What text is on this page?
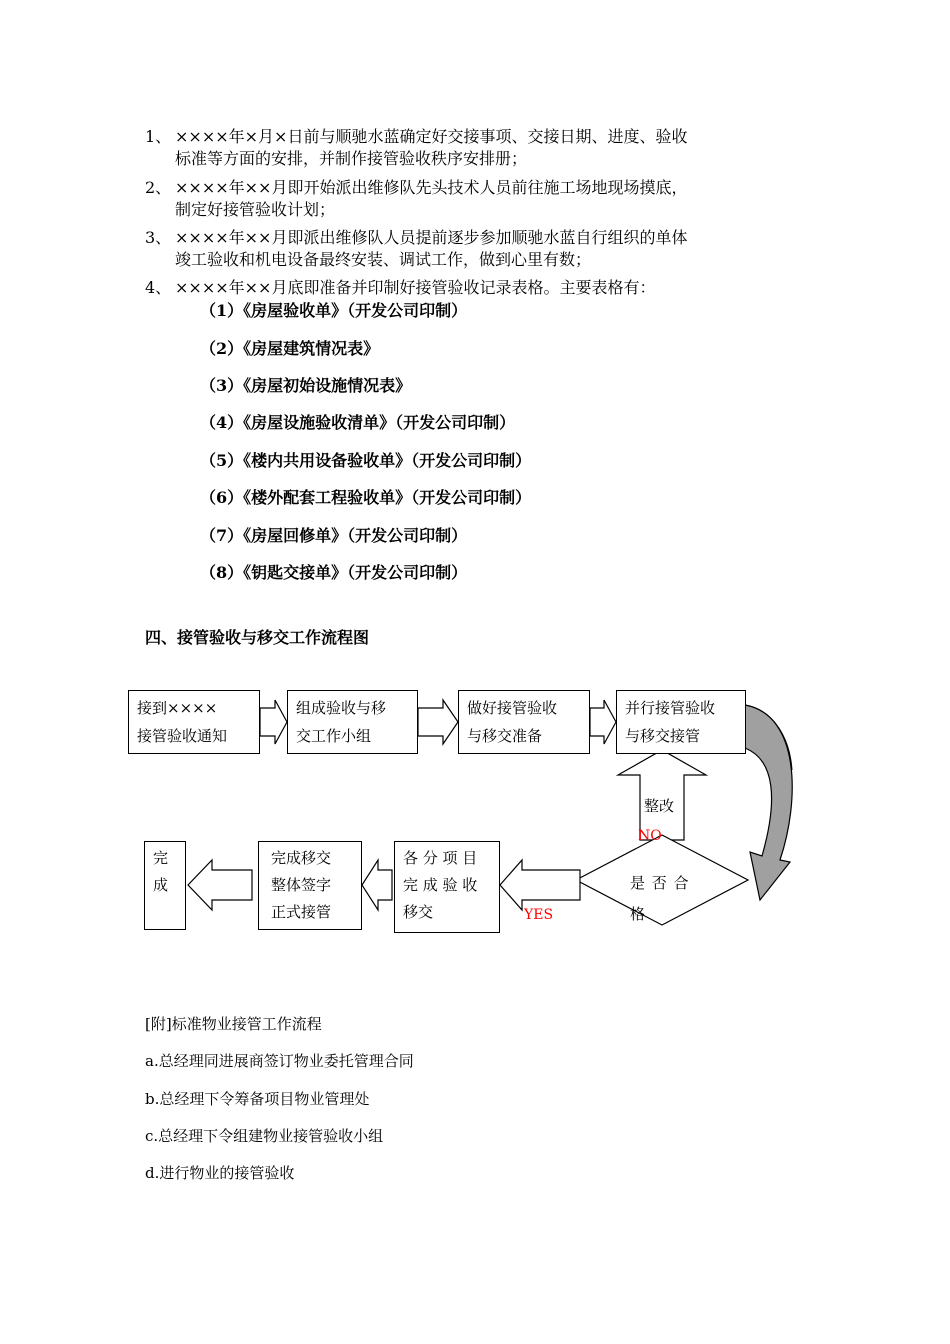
1、 ××××年×月×日前与顺驰水蓝确定好交接事项、交接日期、进度、验收
标准等方面的安排，并制作接管验收秩序安排册；

2、 ××××年××月即开始派出维修队先头技术人员前往施工场地现场摸底，
制定好接管验收计划；

3、 ××××年××月即派出维修队人员提前逐步参加顺驰水蓝自行组织的单体
竣工验收和机电设备最终安装、调试工作，做到心里有数；

4、 ××××年××月底即准备并印制好接管验收记录表格。主要表格有：

（1）《房屋验收单》（开发公司印制）
（2）《房屋建筑情况表》
（3）《房屋初始设施情况表》
（4）《房屋设施验收清单》（开发公司印制）
（5）《楼内共用设备验收单》（开发公司印制）
（6）《楼外配套工程验收单》（开发公司印制）
（7）《房屋回修单》（开发公司印制）
（8）《钥匙交接单》（开发公司印制）
四、接管验收与移交工作流程图
接到××××
接管验收通知
组成验收与移
交工作小组
做好接管验收
与移交准备
并行接管验收
与移交接管
整改
NO
是 否 合
格
YES
各 分 项 目
完 成 验 收
移交
完成移交
整体签字
正式接管
完
成
[附]标准物业接管工作流程
a.总经理同进展商签订物业委托管理合同
b.总经理下令筹备项目物业管理处
c.总经理下令组建物业接管验收小组
d.进行物业的接管验收
